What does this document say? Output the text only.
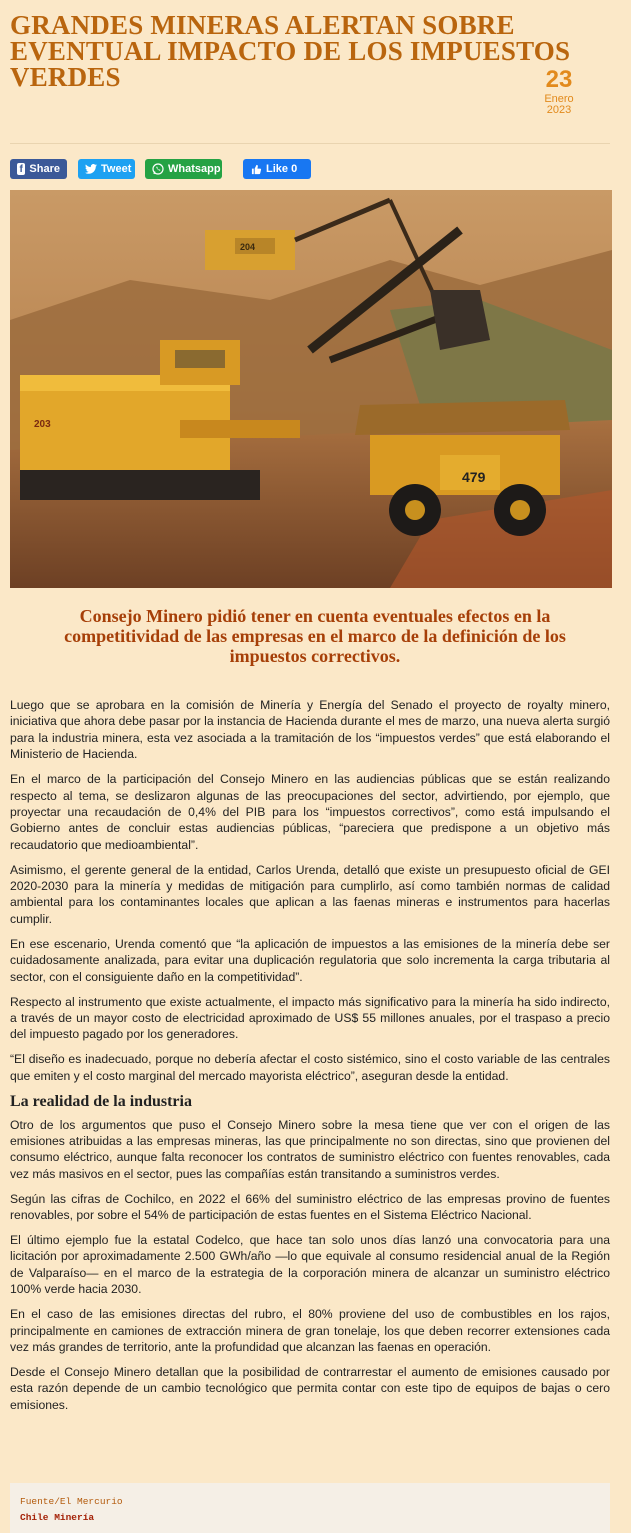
GRANDES MINERAS ALERTAN SOBRE EVENTUAL IMPACTO DE LOS IMPUESTOS VERDES	23
Enero
2023
f Share	Tweet	Whatsapp	Like 0
479
203
204
Consejo Minero pidió tener en cuenta eventuales efectos en la competitividad de las empresas en el marco de la definición de los impuestos correctivos.

Luego que se aprobara en la comisión de Minería y Energía del Senado el proyecto de royalty minero, iniciativa que ahora debe pasar por la instancia de Hacienda durante el mes de marzo, una nueva alerta surgió para la industria minera, esta vez asociada a la tramitación de los “impuestos verdes” que está elaborando el Ministerio de Hacienda.

En el marco de la participación del Consejo Minero en las audiencias públicas que se están realizando respecto al tema, se deslizaron algunas de las preocupaciones del sector, advirtiendo, por ejemplo, que proyectar una recaudación de 0,4% del PIB para los “impuestos correctivos”, como está impulsando el Gobierno antes de concluir estas audiencias públicas, “pareciera que predispone a un objetivo más recaudatorio que medioambiental”.

Asimismo, el gerente general de la entidad, Carlos Urenda, detalló que existe un presupuesto oficial de GEI 2020-2030 para la minería y medidas de mitigación para cumplirlo, así como también normas de calidad ambiental para los contaminantes locales que aplican a las faenas mineras e instrumentos para hacerlas cumplir.

En ese escenario, Urenda comentó que “la aplicación de impuestos a las emisiones de la minería debe ser cuidadosamente analizada, para evitar una duplicación regulatoria que solo incrementa la carga tributaria al sector, con el consiguiente daño en la competitividad”.

Respecto al instrumento que existe actualmente, el impacto más significativo para la minería ha sido indirecto, a través de un mayor costo de electricidad aproximado de US$ 55 millones anuales, por el traspaso a precio del impuesto pagado por los generadores.

“El diseño es inadecuado, porque no debería afectar el costo sistémico, sino el costo variable de las centrales que emiten y el costo marginal del mercado mayorista eléctrico”, aseguran desde la entidad.

La realidad de la industria

Otro de los argumentos que puso el Consejo Minero sobre la mesa tiene que ver con el origen de las emisiones atribuidas a las empresas mineras, las que principalmente no son directas, sino que provienen del consumo eléctrico, aunque falta reconocer los contratos de suministro eléctrico con fuentes renovables, cada vez más masivos en el sector, pues las compañías están transitando a suministros verdes.

Según las cifras de Cochilco, en 2022 el 66% del suministro eléctrico de las empresas provino de fuentes renovables, por sobre el 54% de participación de estas fuentes en el Sistema Eléctrico Nacional.

El último ejemplo fue la estatal Codelco, que hace tan solo unos días lanzó una convocatoria para una licitación por aproximadamente 2.500 GWh/año —lo que equivale al consumo residencial anual de la Región de Valparaíso— en el marco de la estrategia de la corporación minera de alcanzar un suministro eléctrico 100% verde hacia 2030.

En el caso de las emisiones directas del rubro, el 80% proviene del uso de combustibles en los rajos, principalmente en camiones de extracción minera de gran tonelaje, los que deben recorrer extensiones cada vez más grandes de territorio, ante la profundidad que alcanzan las faenas en operación.

Desde el Consejo Minero detallan que la posibilidad de contrarrestar el aumento de emisiones causado por esta razón depende de un cambio tecnológico que permita contar con este tipo de equipos de bajas o cero emisiones.

Fuente/El Mercurio
Chile Minería
